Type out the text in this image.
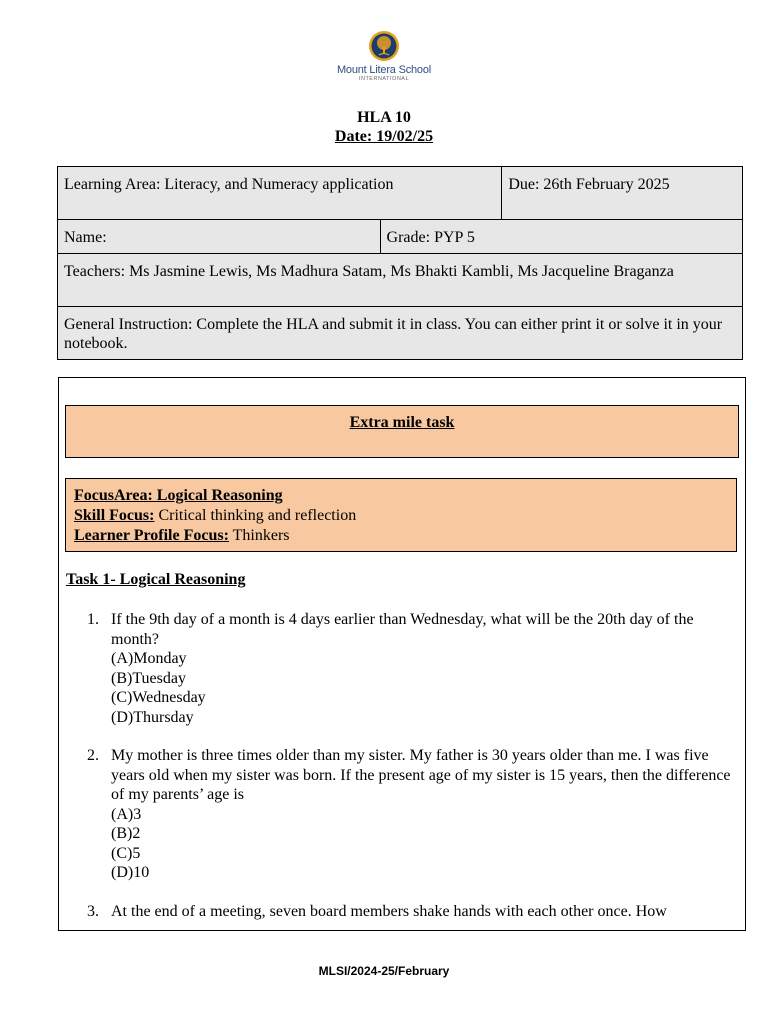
Mount Litera School
INTERNATIONAL
HLA 10
Date: 19/02/25
Learning Area: Literacy, and Numeracy application		Due: 26th February 2025
Name:	Grade: PYP 5	
Teachers: Ms Jasmine Lewis, Ms Madhura Satam, Ms Bhakti Kambli, Ms Jacqueline Braganza		
General Instruction: Complete the HLA and submit it in class. You can either print it or solve it in your notebook.		
Extra mile task
FocusArea: Logical Reasoning
Skill Focus: Critical thinking and reflection
Learner Profile Focus: Thinkers
Task 1- Logical Reasoning
1. If the 9th day of a month is 4 days earlier than Wednesday, what will be the 20th day of the month?
(A)Monday
(B)Tuesday
(C)Wednesday
(D)Thursday
2. My mother is three times older than my sister. My father is 30 years older than me. I was five years old when my sister was born. If the present age of my sister is 15 years, then the difference of my parents’ age is
(A)3
(B)2
(C)5
(D)10
3. At the end of a meeting, seven board members shake hands with each other once. How
MLSI/2024-25/February
